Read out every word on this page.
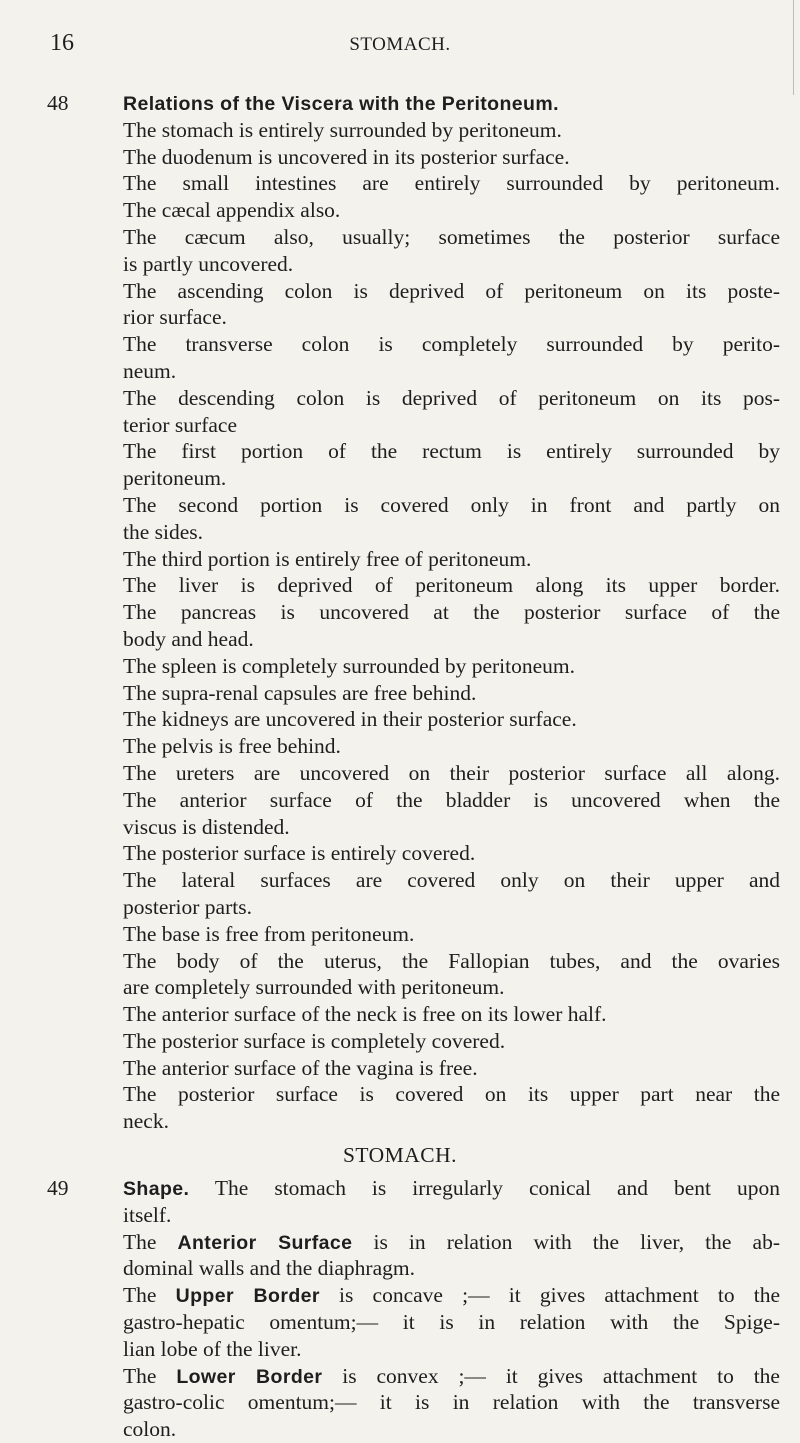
16	STOMACH.
48	Relations of the Viscera with the Peritoneum.
The stomach is entirely surrounded by peritoneum.
The duodenum is uncovered in its posterior surface.
The small intestines are entirely surrounded by peritoneum.
The cæcal appendix also.
The cæcum also, usually; sometimes the posterior surface
is partly uncovered.
The ascending colon is deprived of peritoneum on its poste-
rior surface.
The transverse colon is completely surrounded by perito-
neum.
The descending colon is deprived of peritoneum on its pos-
terior surface
The first portion of the rectum is entirely surrounded by
peritoneum.
The second portion is covered only in front and partly on
the sides.
The third portion is entirely free of peritoneum.
The liver is deprived of peritoneum along its upper border.
The pancreas is uncovered at the posterior surface of the
body and head.
The spleen is completely surrounded by peritoneum.
The supra-renal capsules are free behind.
The kidneys are uncovered in their posterior surface.
The pelvis is free behind.
The ureters are uncovered on their posterior surface all along.
The anterior surface of the bladder is uncovered when the
viscus is distended.
The posterior surface is entirely covered.
The lateral surfaces are covered only on their upper and
posterior parts.
The base is free from peritoneum.
The body of the uterus, the Fallopian tubes, and the ovaries
are completely surrounded with peritoneum.
The anterior surface of the neck is free on its lower half.
The posterior surface is completely covered.
The anterior surface of the vagina is free.
The posterior surface is covered on its upper part near the
neck.
STOMACH.
49	Shape. The stomach is irregularly conical and bent upon
itself.
The Anterior Surface is in relation with the liver, the ab-
dominal walls and the diaphragm.
The Upper Border is concave ;— it gives attachment to the
gastro-hepatic omentum;— it is in relation with the Spige-
lian lobe of the liver.
The Lower Border is convex ;— it gives attachment to the
gastro-colic omentum;— it is in relation with the transverse
colon.
